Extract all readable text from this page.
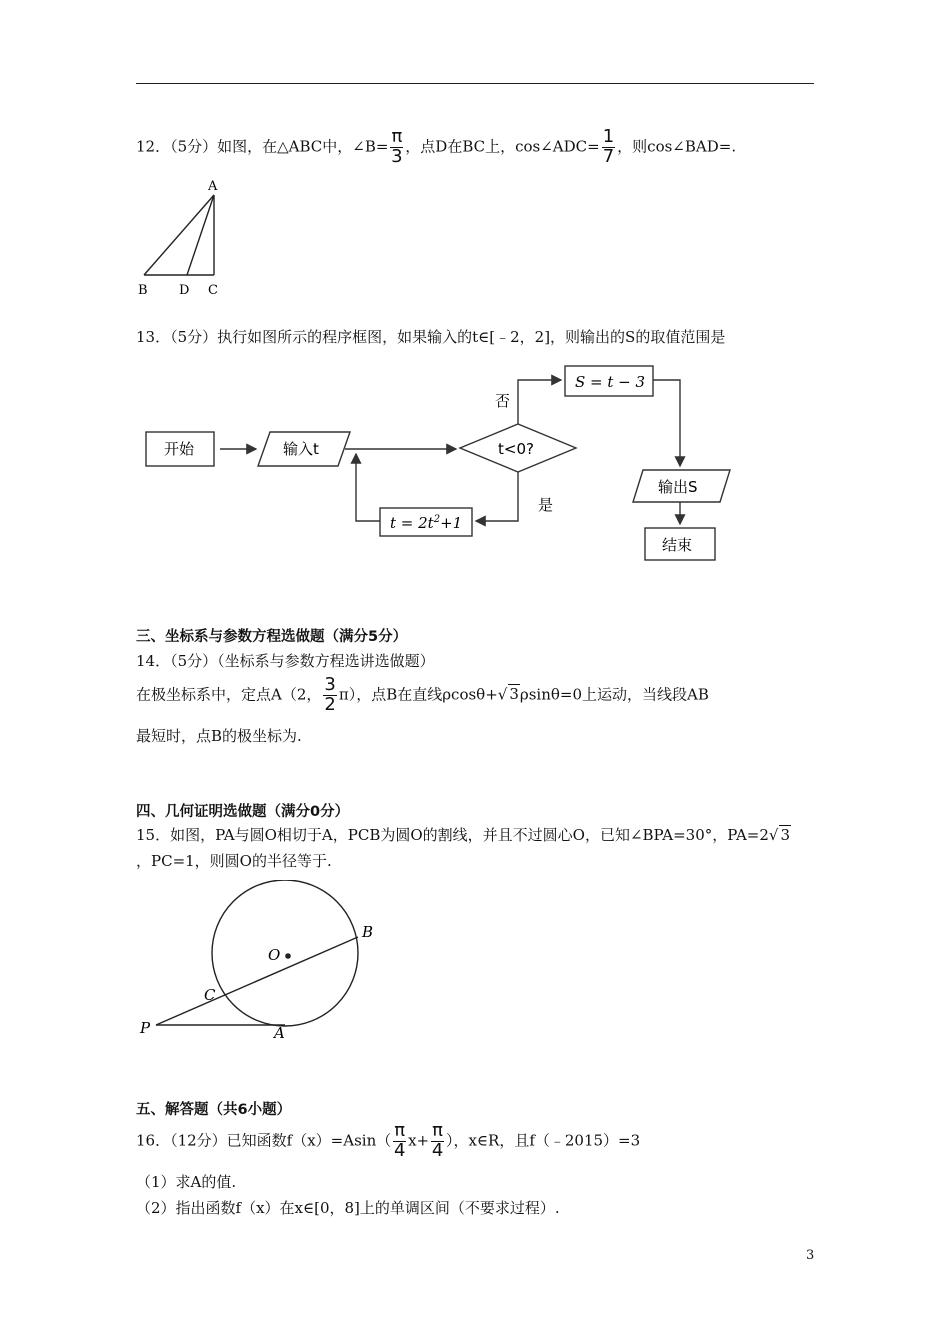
12．（5分）如图，在△ABC中，∠B= $\frac{\pi}{3}$ ，点D在BC上，cos∠ADC= $\frac{1}{7}$ ，则cos∠BAD=.
A
B D C
13．（5分）执行如图所示的程序框图，如果输入的t∈[﹣2，2]，则输出的S的取值范围是
开始	输入t	t<0?
否
是
S = t − 3
输出S
结束
$t = 2t^2+1$
三、坐标系与参数方程选做题（满分5分）
14．（5分）（坐标系与参数方程选讲选做题）
在极坐标系中，定点A（2， $\frac{3}{2} \pi$），点B在直线ρcosθ+√ 3ρsinθ=0上运动，当线段AB
最短时，点B的极坐标为.
四、几何证明选做题（满分0分）
15．如图，PA与圆O相切于A，PCB为圆O的割线，并且不过圆心O，已知∠BPA=30°，PA=2√ 3
，PC=1，则圆O的半径等于.
O
B
C
P	A
五、解答题（共6小题）
16．（12分）已知函数$f(x)=Asin( \frac{\pi}{4} x+ \frac{\pi}{4}$ ），x∈R，且f（﹣2015）=3
（1）求A的值.
（2）指出函数f（x）在x∈[0，8]上的单调区间（不要求过程）.
3
